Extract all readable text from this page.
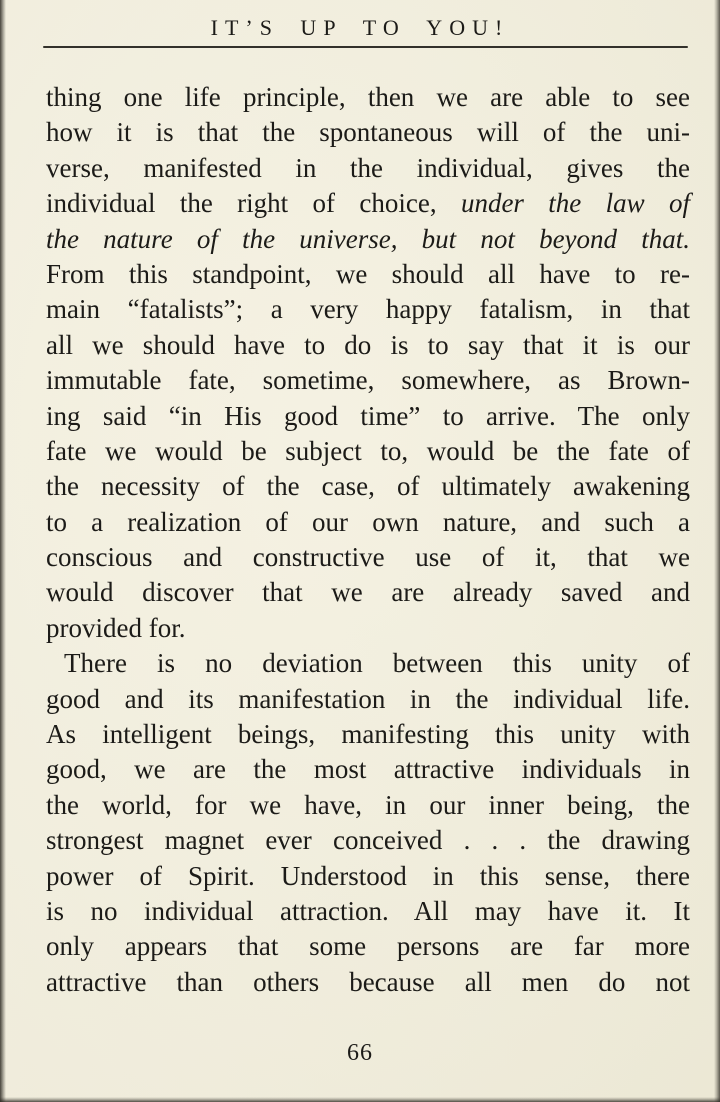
IT’S UP TO YOU!
thing one life principle, then we are able to see
how it is that the spontaneous will of the uni-
verse, manifested in the individual, gives the
individual the right of choice, under the law of
the nature of the universe, but not beyond that.
From this standpoint, we should all have to re-
main “fatalists”; a very happy fatalism, in that
all we should have to do is to say that it is our
immutable fate, sometime, somewhere, as Brown-
ing said “in His good time” to arrive. The only
fate we would be subject to, would be the fate of
the necessity of the case, of ultimately awakening
to a realization of our own nature, and such a
conscious and constructive use of it, that we
would discover that we are already saved and
provided for.
There is no deviation between this unity of
good and its manifestation in the individual life.
As intelligent beings, manifesting this unity with
good, we are the most attractive individuals in
the world, for we have, in our inner being, the
strongest magnet ever conceived . . . the drawing
power of Spirit. Understood in this sense, there
is no individual attraction. All may have it. It
only appears that some persons are far more
attractive than others because all men do not
66
